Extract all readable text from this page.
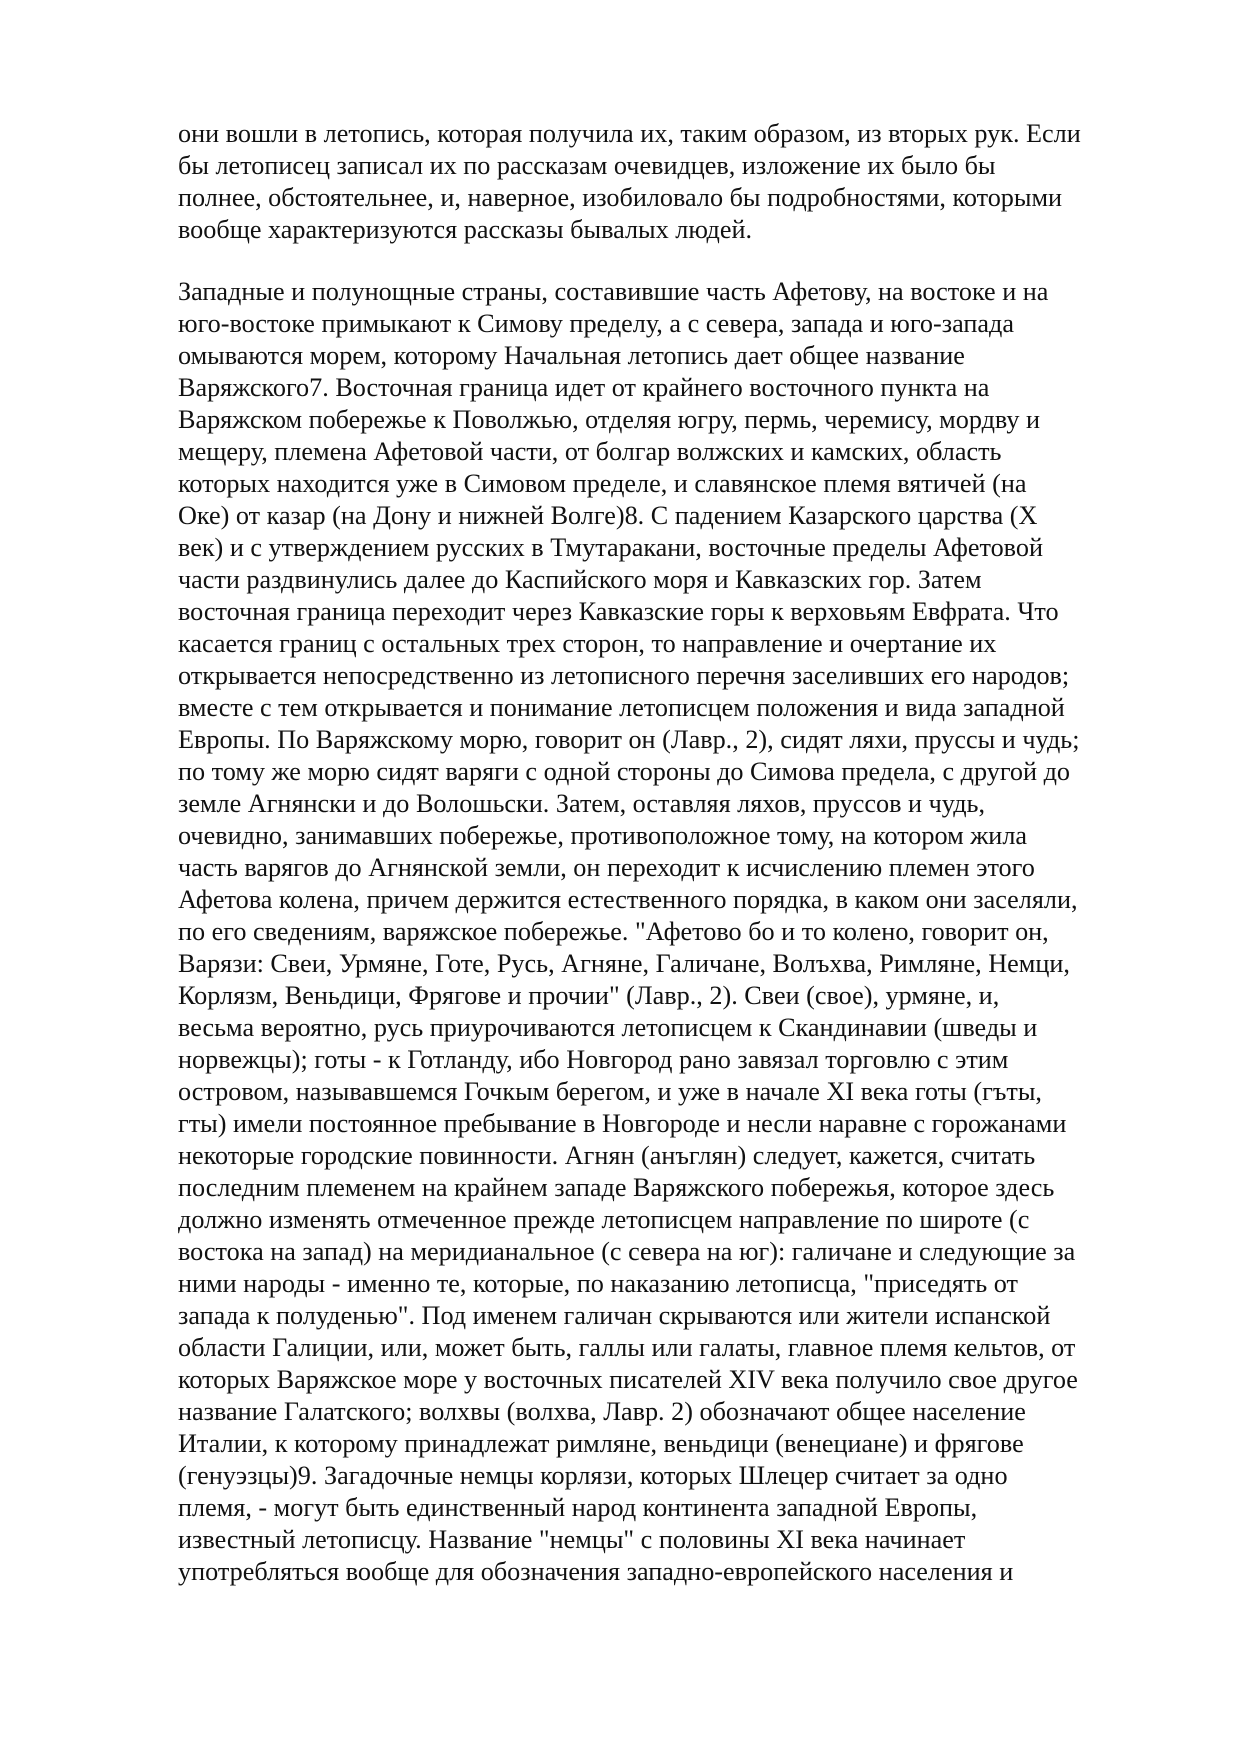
они вошли в летопись, которая получила их, таким образом, из вторых рук. Если
бы летописец записал их по рассказам очевидцев, изложение их было бы
полнее, обстоятельнее, и, наверное, изобиловало бы подробностями, которыми
вообще характеризуются рассказы бывалых людей.

Западные и полунощные страны, составившие часть Афетову, на востоке и на
юго-востоке примыкают к Симову пределу, а с севера, запада и юго-запада
омываются морем, которому Начальная летопись дает общее название
Варяжского7. Восточная граница идет от крайнего восточного пункта на
Варяжском побережье к Поволжью, отделяя югру, пермь, черемису, мордву и
мещеру, племена Афетовой части, от болгар волжских и камских, область
которых находится уже в Симовом пределе, и славянское племя вятичей (на
Оке) от казар (на Дону и нижней Волге)8. С падением Казарского царства (X
век) и с утверждением русских в Тмутаракани, восточные пределы Афетовой
части раздвинулись далее до Каспийского моря и Кавказских гор. Затем
восточная граница переходит через Кавказские горы к верховьям Евфрата. Что
касается границ с остальных трех сторон, то направление и очертание их
открывается непосредственно из летописного перечня заселивших его народов;
вместе с тем открывается и понимание летописцем положения и вида западной
Европы. По Варяжскому морю, говорит он (Лавр., 2), сидят ляхи, пруссы и чудь;
по тому же морю сидят варяги с одной стороны до Симова предела, с другой до
земле Агнянски и до Волошьски. Затем, оставляя ляхов, пруссов и чудь,
очевидно, занимавших побережье, противоположное тому, на котором жила
часть варягов до Агнянской земли, он переходит к исчислению племен этого
Афетова колена, причем держится естественного порядка, в каком они заселяли,
по его сведениям, варяжское побережье. "Афетово бо и то колено, говорит он,
Варязи: Свеи, Урмяне, Готе, Русь, Агняне, Галичане, Волъхва, Римляне, Немци,
Корлязм, Веньдици, Фрягове и прочии" (Лавр., 2). Свеи (свое), урмяне, и,
весьма вероятно, русь приурочиваются летописцем к Скандинавии (шведы и
норвежцы); готы - к Готланду, ибо Новгород рано завязал торговлю с этим
островом, называвшемся Гочкым берегом, и уже в начале XI века готы (гъты,
гты) имели постоянное пребывание в Новгороде и несли наравне с горожанами
некоторые городские повинности. Агнян (анъглян) следует, кажется, считать
последним племенем на крайнем западе Варяжского побережья, которое здесь
должно изменять отмеченное прежде летописцем направление по широте (с
востока на запад) на меридианальное (с севера на юг): галичане и следующие за
ними народы - именно те, которые, по наказанию летописца, "приседять от
запада к полуденью". Под именем галичан скрываются или жители испанской
области Галиции, или, может быть, галлы или галаты, главное племя кельтов, от
которых Варяжское море у восточных писателей XIV века получило свое другое
название Галатского; волхвы (волхва, Лавр. 2) обозначают общее население
Италии, к которому принадлежат римляне, веньдици (венециане) и фрягове
(генуэзцы)9. Загадочные немцы корлязи, которых Шлецер считает за одно
племя, - могут быть единственный народ континента западной Европы,
известный летописцу. Название "немцы" с половины XI века начинает
употребляться вообще для обозначения западно-европейского населения и
